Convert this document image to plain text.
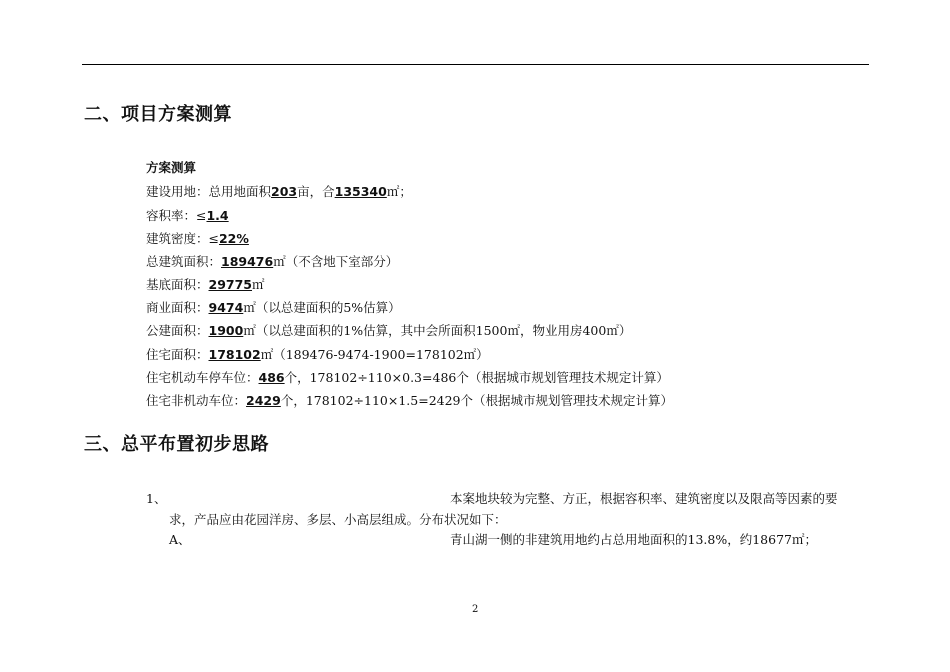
二、项目方案测算
方案测算
建设用地：总用地面积203亩，合135340㎡；
容积率：≤1.4
建筑密度：≤22%
总建筑面积：189476㎡（不含地下室部分）
基底面积：29775㎡
商业面积：9474㎡（以总建面积的5%估算）
公建面积：1900㎡（以总建面积的1%估算，其中会所面积1500㎡，物业用房400㎡）
住宅面积：178102㎡（189476-9474-1900=178102㎡）
住宅机动车停车位：486个，178102÷110×0.3=486个（根据城市规划管理技术规定计算）
住宅非机动车位：2429个，178102÷110×1.5=2429个（根据城市规划管理技术规定计算）
三、总平布置初步思路
1、	本案地块较为完整、方正，根据容积率、建筑密度以及限高等因素的要
求，产品应由花园洋房、多层、小高层组成。分布状况如下：
A、	青山湖一侧的非建筑用地约占总用地面积的13.8%，约18677㎡；
2
